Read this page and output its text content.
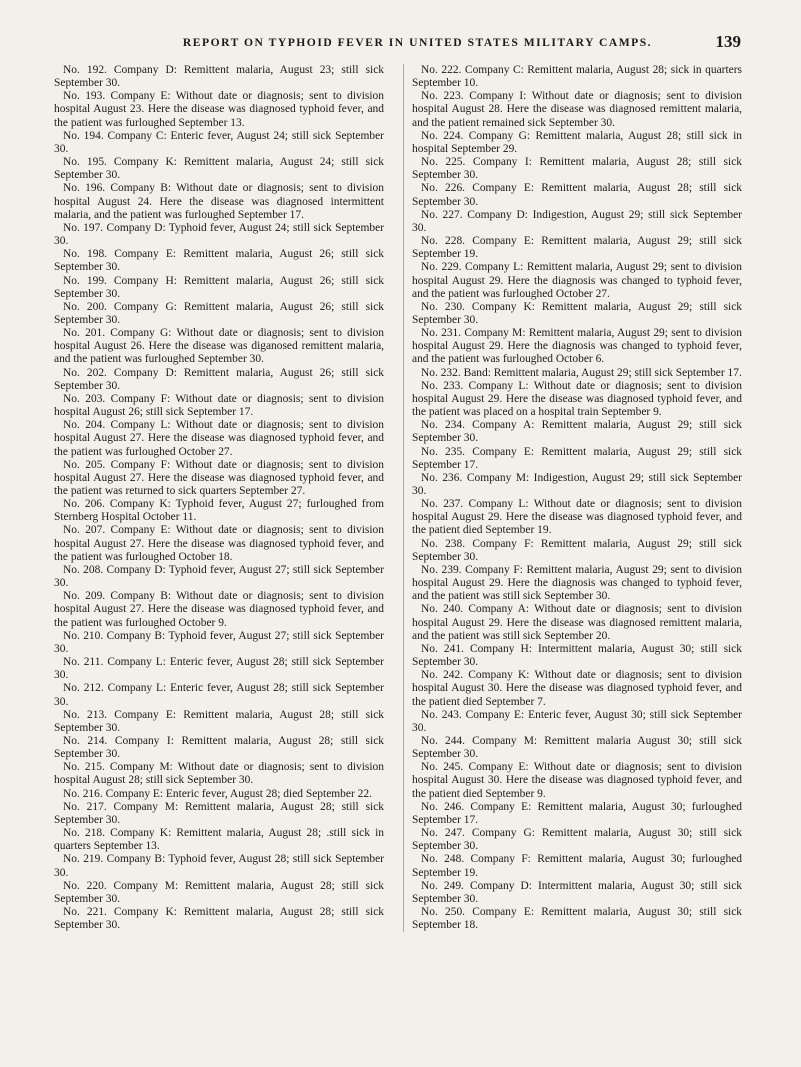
REPORT ON TYPHOID FEVER IN UNITED STATES MILITARY CAMPS.	139

No. 192. Company D: Remittent malaria, August 23; still sick September 30.

No. 193. Company E: Without date or diagnosis; sent to division hospital August 23. Here the disease was diagnosed typhoid fever, and the patient was furloughed September 13.

No. 194. Company C: Enteric fever, August 24; still sick September 30.

No. 195. Company K: Remittent malaria, August 24; still sick September 30.

No. 196. Company B: Without date or diagnosis; sent to division hospital August 24. Here the disease was diagnosed intermittent malaria, and the patient was furloughed September 17.

No. 197. Company D: Typhoid fever, August 24; still sick September 30.

No. 198. Company E: Remittent malaria, August 26; still sick September 30.

No. 199. Company H: Remittent malaria, August 26; still sick September 30.

No. 200. Company G: Remittent malaria, August 26; still sick September 30.

No. 201. Company G: Without date or diagnosis; sent to division hospital August 26. Here the disease was diganosed remittent malaria, and the patient was furloughed September 30.

No. 202. Company D: Remittent malaria, August 26; still sick September 30.

No. 203. Company F: Without date or diagnosis; sent to division hospital August 26; still sick September 17.

No. 204. Company L: Without date or diagnosis; sent to division hospital August 27. Here the disease was diagnosed typhoid fever, and the patient was furloughed October 27.

No. 205. Company F: Without date or diagnosis; sent to division hospital August 27. Here the disease was diagnosed typhoid fever, and the patient was returned to sick quarters September 27.

No. 206. Company K: Typhoid fever, August 27; furloughed from Sternberg Hospital October 11.

No. 207. Company E: Without date or diagnosis; sent to division hospital August 27. Here the disease was diagnosed typhoid fever, and the patient was furloughed October 18.

No. 208. Company D: Typhoid fever, August 27; still sick September 30.

No. 209. Company B: Without date or diagnosis; sent to division hospital August 27. Here the disease was diagnosed typhoid fever, and the patient was furloughed October 9.

No. 210. Company B: Typhoid fever, August 27; still sick September 30.

No. 211. Company L: Enteric fever, August 28; still sick September 30.

No. 212. Company L: Enteric fever, August 28; still sick September 30.

No. 213. Company E: Remittent malaria, August 28; still sick September 30.

No. 214. Company I: Remittent malaria, August 28; still sick September 30.

No. 215. Company M: Without date or diagnosis; sent to division hospital August 28; still sick September 30.

No. 216. Company E: Enteric fever, August 28; died September 22.

No. 217. Company M: Remittent malaria, August 28; still sick September 30.

No. 218. Company K: Remittent malaria, August 28; .still sick in quarters September 13.

No. 219. Company B: Typhoid fever, August 28; still sick September 30.

No. 220. Company M: Remittent malaria, August 28; still sick September 30.

No. 221. Company K: Remittent malaria, August 28; still sick September 30.

No. 222. Company C: Remittent malaria, August 28; sick in quarters September 10.

No. 223. Company I: Without date or diagnosis; sent to division hospital August 28. Here the disease was diagnosed remittent malaria, and the patient remained sick September 30.

No. 224. Company G: Remittent malaria, August 28; still sick in hospital September 29.

No. 225. Company I: Remittent malaria, August 28; still sick September 30.

No. 226. Company E: Remittent malaria, August 28; still sick September 30.

No. 227. Company D: Indigestion, August 29; still sick September 30.

No. 228. Company E: Remittent malaria, August 29; still sick September 19.

No. 229. Company L: Remittent malaria, August 29; sent to division hospital August 29. Here the diagnosis was changed to typhoid fever, and the patient was furloughed October 27.

No. 230. Company K: Remittent malaria, August 29; still sick September 30.

No. 231. Company M: Remittent malaria, August 29; sent to division hospital August 29. Here the diagnosis was changed to typhoid fever, and the patient was furloughed October 6.

No. 232. Band: Remittent malaria, August 29; still sick September 17.

No. 233. Company L: Without date or diagnosis; sent to division hospital August 29. Here the disease was diagnosed typhoid fever, and the patient was placed on a hospital train September 9.

No. 234. Company A: Remittent malaria, August 29; still sick September 30.

No. 235. Company E: Remittent malaria, August 29; still sick September 17.

No. 236. Company M: Indigestion, August 29; still sick September 30.

No. 237. Company L: Without date or diagnosis; sent to division hospital August 29. Here the disease was diagnosed typhoid fever, and the patient died September 19.

No. 238. Company F: Remittent malaria, August 29; still sick September 30.

No. 239. Company F: Remittent malaria, August 29; sent to division hospital August 29. Here the diagnosis was changed to typhoid fever, and the patient was still sick September 30.

No. 240. Company A: Without date or diagnosis; sent to division hospital August 29. Here the disease was diagnosed remittent malaria, and the patient was still sick September 20.

No. 241. Company H: Intermittent malaria, August 30; still sick September 30.

No. 242. Company K: Without date or diagnosis; sent to division hospital August 30. Here the disease was diagnosed typhoid fever, and the patient died September 7.

No. 243. Company E: Enteric fever, August 30; still sick September 30.

No. 244. Company M: Remittent malaria August 30; still sick September 30.

No. 245. Company E: Without date or diagnosis; sent to division hospital August 30. Here the disease was diagnosed typhoid fever, and the patient died September 9.

No. 246. Company E: Remittent malaria, August 30; furloughed September 17.

No. 247. Company G: Remittent malaria, August 30; still sick September 30.

No. 248. Company F: Remittent malaria, August 30; furloughed September 19.

No. 249. Company D: Intermittent malaria, August 30; still sick September 30.

No. 250. Company E: Remittent malaria, August 30; still sick September 18.
